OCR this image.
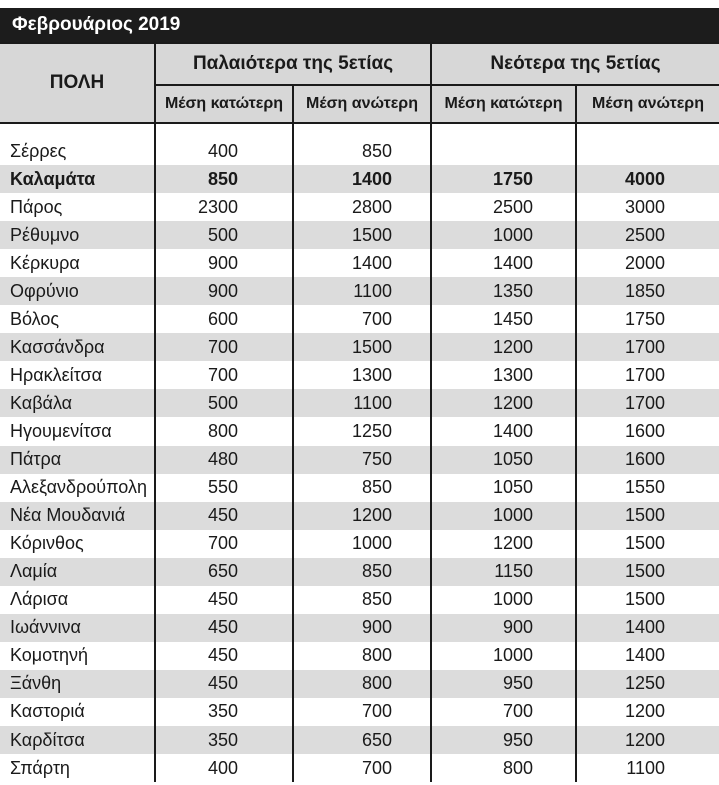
Φεβρουάριος 2019
ΠΟΛΗ	Παλαιότερα της 5ετίας		Νεότερα της 5ετίας	
	Μέση κατώτερη	Μέση ανώτερη	Μέση κατώτερη	Μέση ανώτερη

Σέρρες	400	850		
Καλαμάτα	850	1400	1750	4000
Πάρος	2300	2800	2500	3000
Ρέθυμνο	500	1500	1000	2500
Κέρκυρα	900	1400	1400	2000
Οφρύνιο	900	1100	1350	1850
Βόλος	600	700	1450	1750
Κασσάνδρα	700	1500	1200	1700
Ηρακλείτσα	700	1300	1300	1700
Καβάλα	500	1100	1200	1700
Ηγουμενίτσα	800	1250	1400	1600
Πάτρα	480	750	1050	1600
Αλεξανδρούπολη	550	850	1050	1550
Νέα Μουδανιά	450	1200	1000	1500
Κόρινθος	700	1000	1200	1500
Λαμία	650	850	1150	1500
Λάρισα	450	850	1000	1500
Ιωάννινα	450	900	900	1400
Κομοτηνή	450	800	1000	1400
Ξάνθη	450	800	950	1250
Καστοριά	350	700	700	1200
Καρδίτσα	350	650	950	1200
Σπάρτη	400	700	800	1100
